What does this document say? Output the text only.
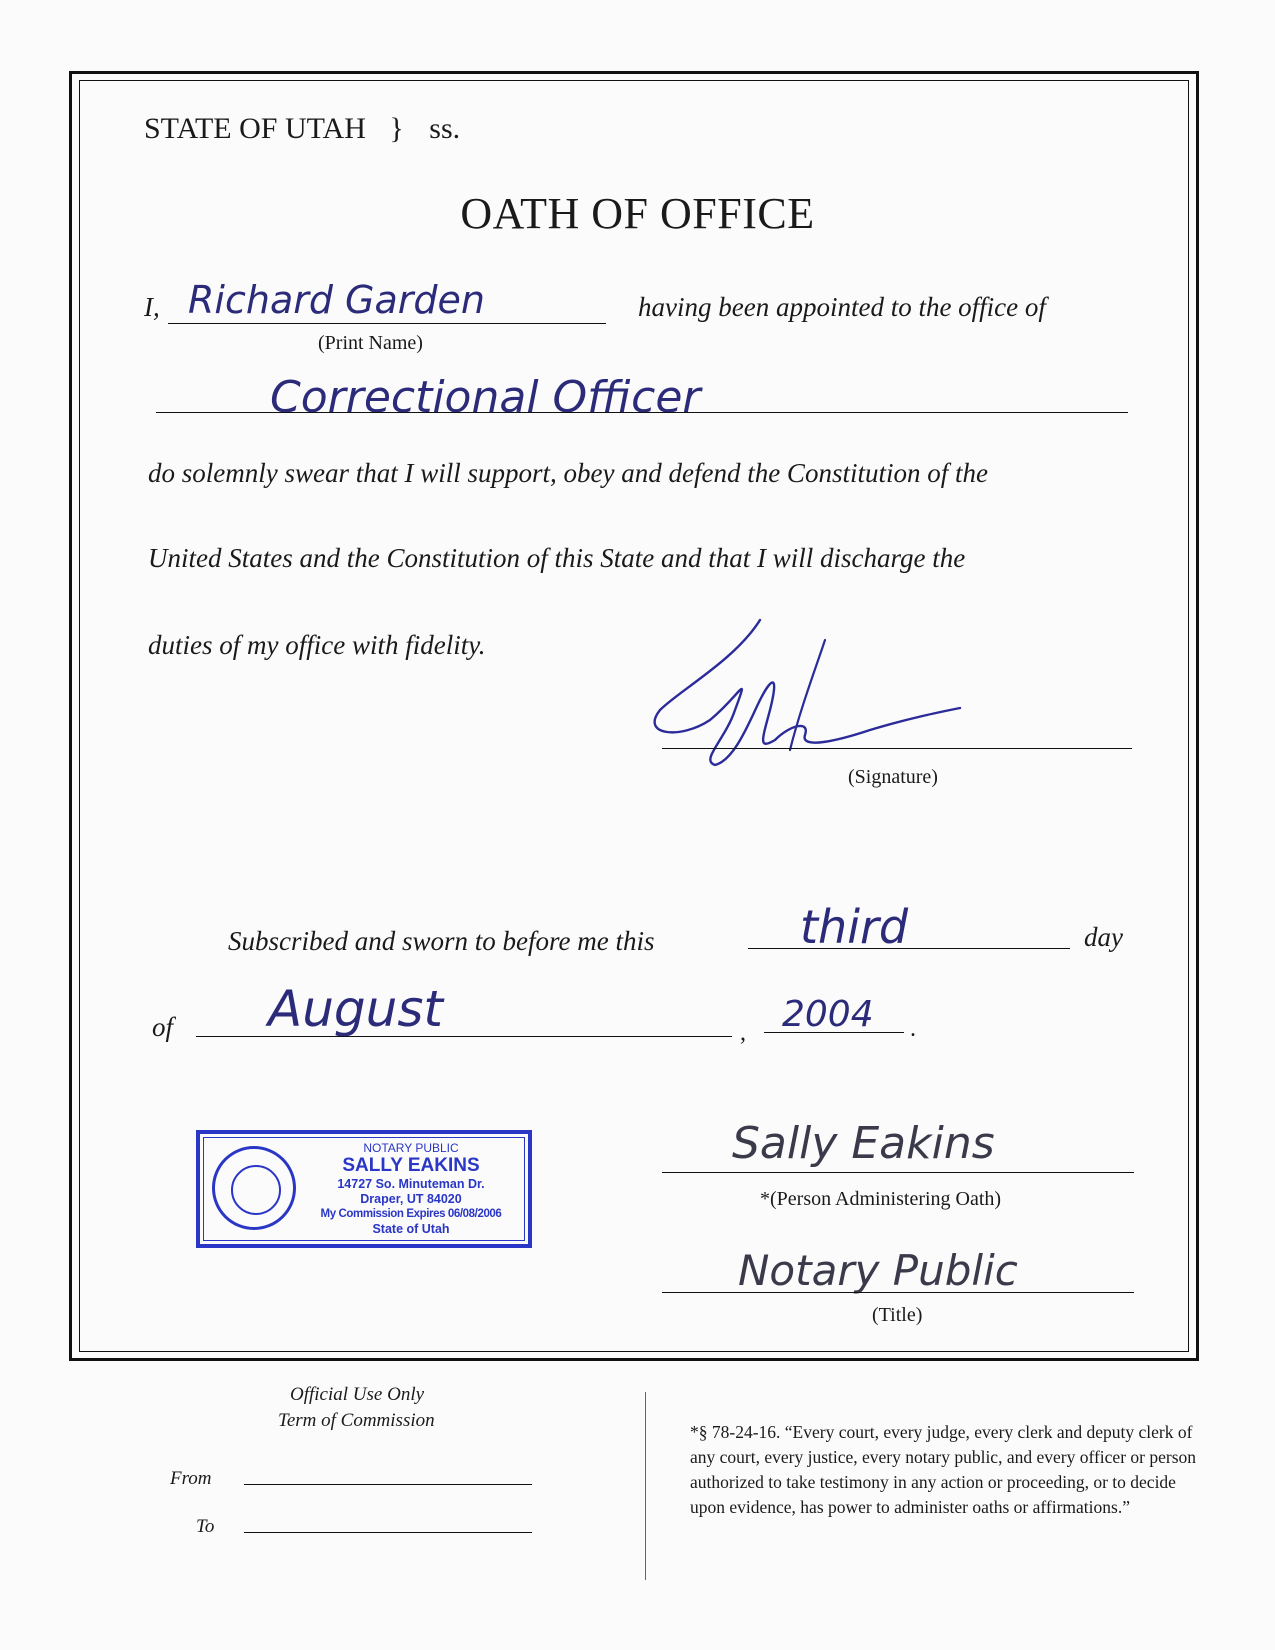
STATE OF UTAH } ss.
OATH OF OFFICE
I, Richard Garden
(Print Name)
having been appointed to the office of
Correctional Officer
do solemnly swear that I will support, obey and defend the Constitution of the
United States and the Constitution of this State and that I will discharge the
duties of my office with fidelity.
(Signature)
Subscribed and sworn to before me this	third	day
of August	, 2004 .
NOTARY PUBLIC
SALLY EAKINS
14727 So. Minuteman Dr.
Draper, UT 84020
My Commission Expires 06/08/2006
State of Utah
Sally Eakins
*(Person Administering Oath)
Notary Public
(Title)
Official Use Only
Term of Commission
From
To
*§ 78-24-16. “Every court, every judge, every clerk and deputy clerk of any court, every justice, every notary public, and every officer or person authorized to take testimony in any action or proceeding, or to decide upon evidence, has power to administer oaths or affirmations.”
